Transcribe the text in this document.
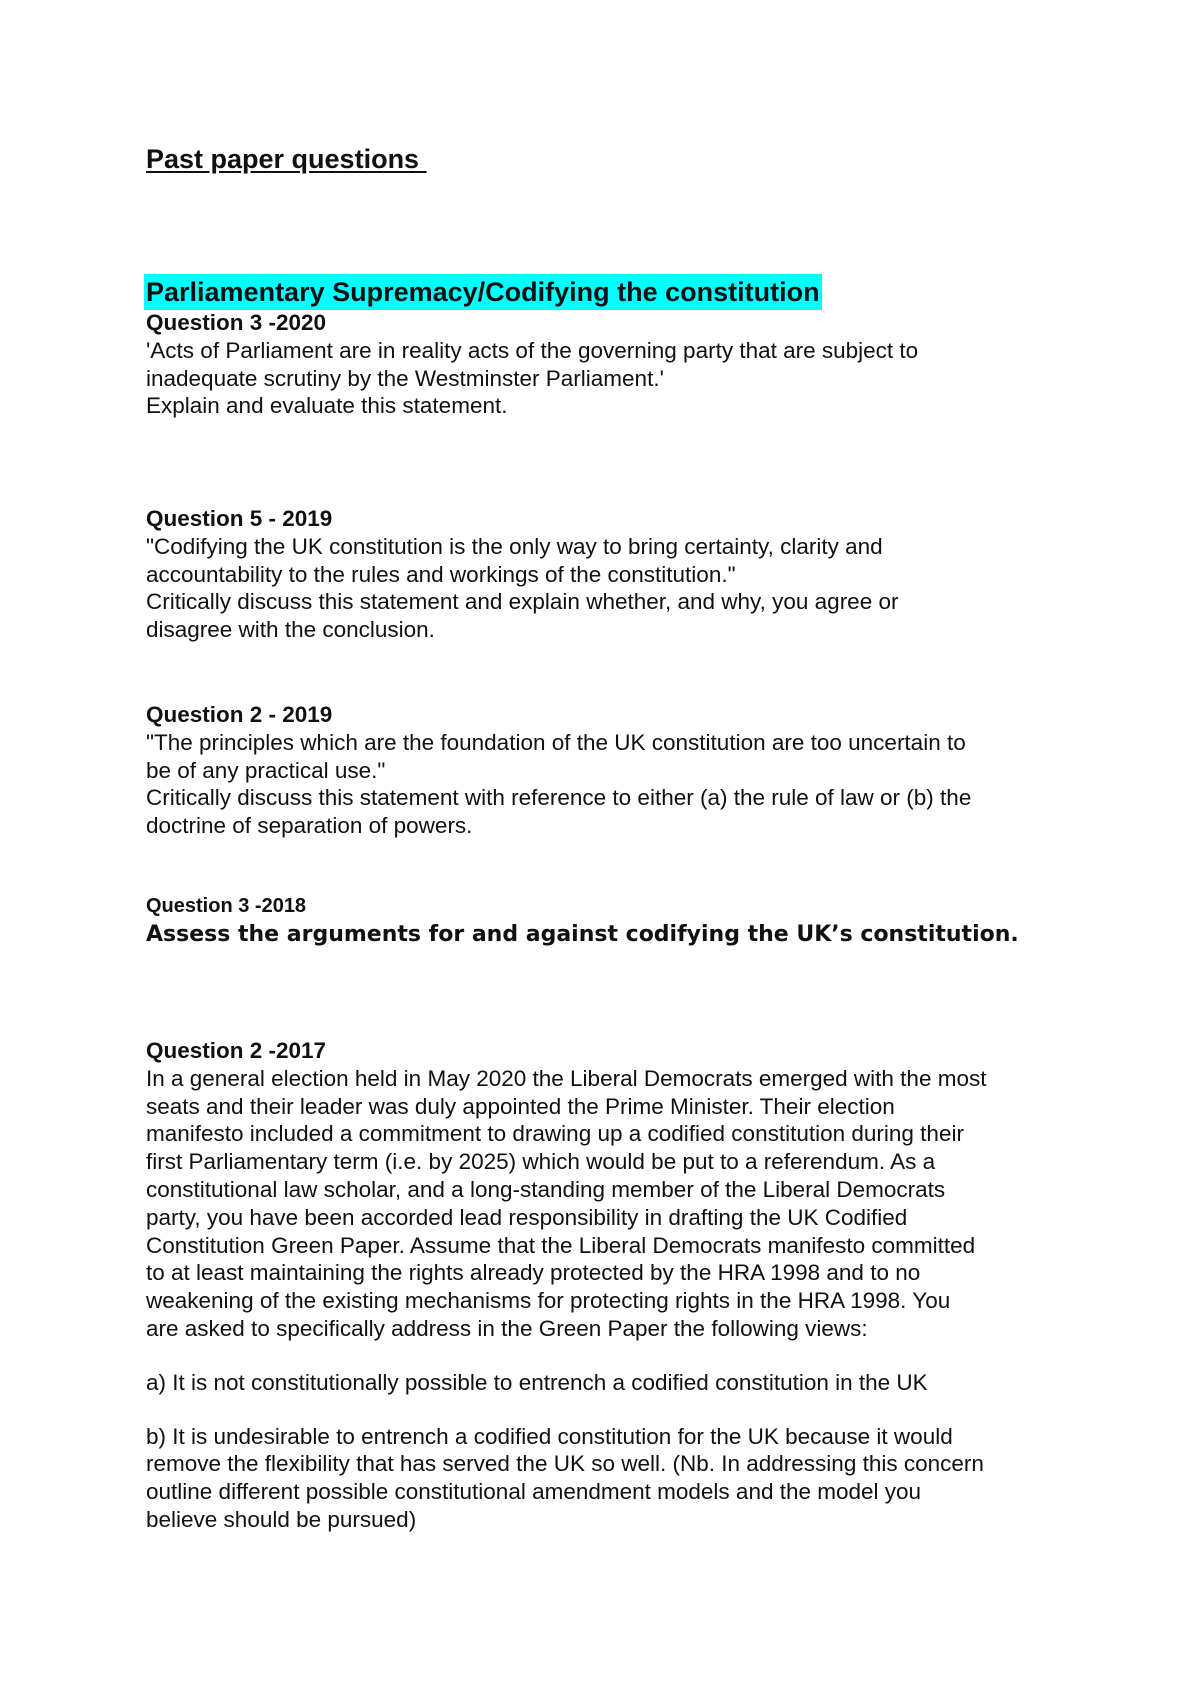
Past paper questions
Parliamentary Supremacy/Codifying the constitution

Question 3 -2020

'Acts of Parliament are in reality acts of the governing party that are subject to

inadequate scrutiny by the Westminster Parliament.'

Explain and evaluate this statement.

Question 5 - 2019

"Codifying the UK constitution is the only way to bring certainty, clarity and

accountability to the rules and workings of the constitution."

Critically discuss this statement and explain whether, and why, you agree or

disagree with the conclusion.

Question 2 - 2019

"The principles which are the foundation of the UK constitution are too uncertain to

be of any practical use."

Critically discuss this statement with reference to either (a) the rule of law or (b) the

doctrine of separation of powers.

Question 3 -2018

Assess the arguments for and against codifying the UK’s constitution.

Question 2 -2017

In a general election held in May 2020 the Liberal Democrats emerged with the most

seats and their leader was duly appointed the Prime Minister. Their election

manifesto included a commitment to drawing up a codified constitution during their

first Parliamentary term (i.e. by 2025) which would be put to a referendum. As a

constitutional law scholar, and a long-standing member of the Liberal Democrats

party, you have been accorded lead responsibility in drafting the UK Codified

Constitution Green Paper. Assume that the Liberal Democrats manifesto committed

to at least maintaining the rights already protected by the HRA 1998 and to no

weakening of the existing mechanisms for protecting rights in the HRA 1998. You

are asked to specifically address in the Green Paper the following views:

a) It is not constitutionally possible to entrench a codified constitution in the UK

b) It is undesirable to entrench a codified constitution for the UK because it would

remove the flexibility that has served the UK so well. (Nb. In addressing this concern

outline different possible constitutional amendment models and the model you

believe should be pursued)
